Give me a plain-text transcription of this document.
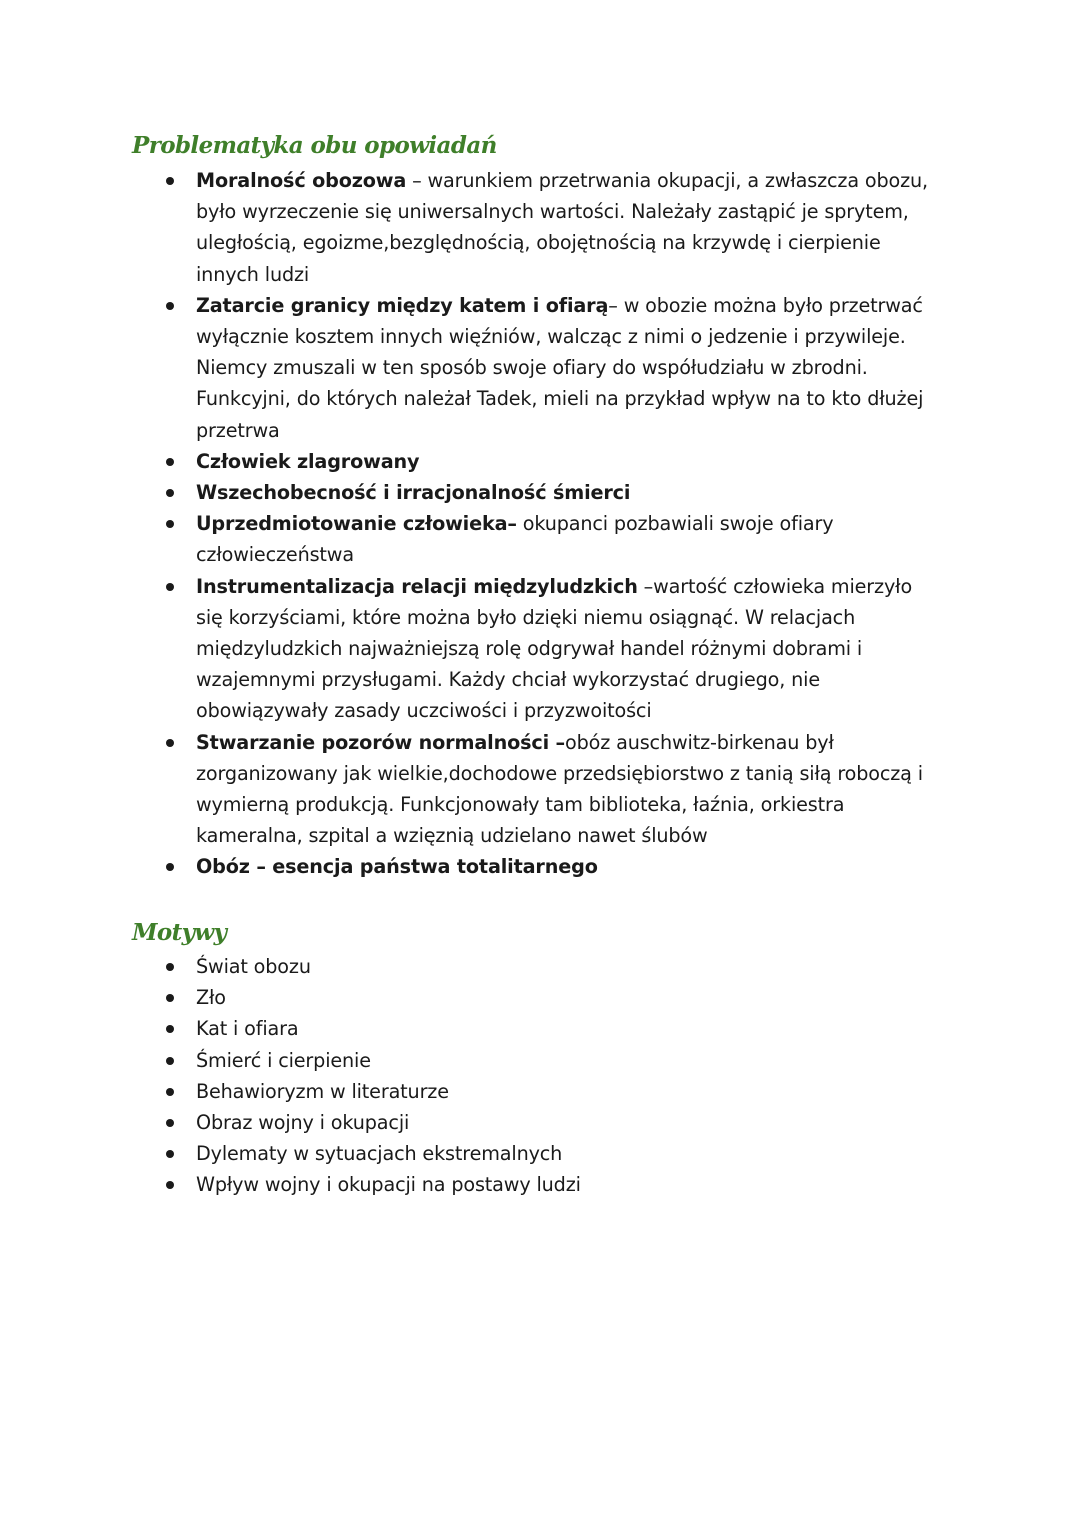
Problematyka obu opowiadań
Moralność obozowa – warunkiem przetrwania okupacji, a zwłaszcza obozu, było wyrzeczenie się uniwersalnych wartości. Należały zastąpić je sprytem, uległością, egoizme,bezględnością, obojętnością na krzywdę i cierpienie innych ludzi
Zatarcie granicy między katem i ofiarą– w obozie można było przetrwać wyłącznie kosztem innych więźniów, walcząc z nimi o jedzenie i przywileje. Niemcy zmuszali w ten sposób swoje ofiary do współudziału w zbrodni. Funkcyjni, do których należał Tadek, mieli na przykład wpływ na to kto dłużej przetrwa
Człowiek zlagrowany
Wszechobecność i irracjonalność śmierci
Uprzedmiotowanie człowieka– okupanci pozbawiali swoje ofiary człowieczeństwa
Instrumentalizacja relacji międzyludzkich –wartość człowieka mierzyło się korzyściami, które można było dzięki niemu osiągnąć. W relacjach międzyludzkich najważniejszą rolę odgrywał handel różnymi dobrami i wzajemnymi przysługami. Każdy chciał wykorzystać drugiego, nie obowiązywały zasady uczciwości i przyzwoitości
Stwarzanie pozorów normalności –obóz auschwitz-birkenau był zorganizowany jak wielkie,dochodowe przedsiębiorstwo z tanią siłą roboczą i wymierną produkcją. Funkcjonowały tam biblioteka, łaźnia, orkiestra kameralna, szpital a wzięznią udzielano nawet ślubów
Obóz – esencja państwa totalitarnego
Motywy
Świat obozu
Zło
Kat i ofiara
Śmierć i cierpienie
Behawioryzm w literaturze
Obraz wojny i okupacji
Dylematy w sytuacjach ekstremalnych
Wpływ wojny i okupacji na postawy ludzi
